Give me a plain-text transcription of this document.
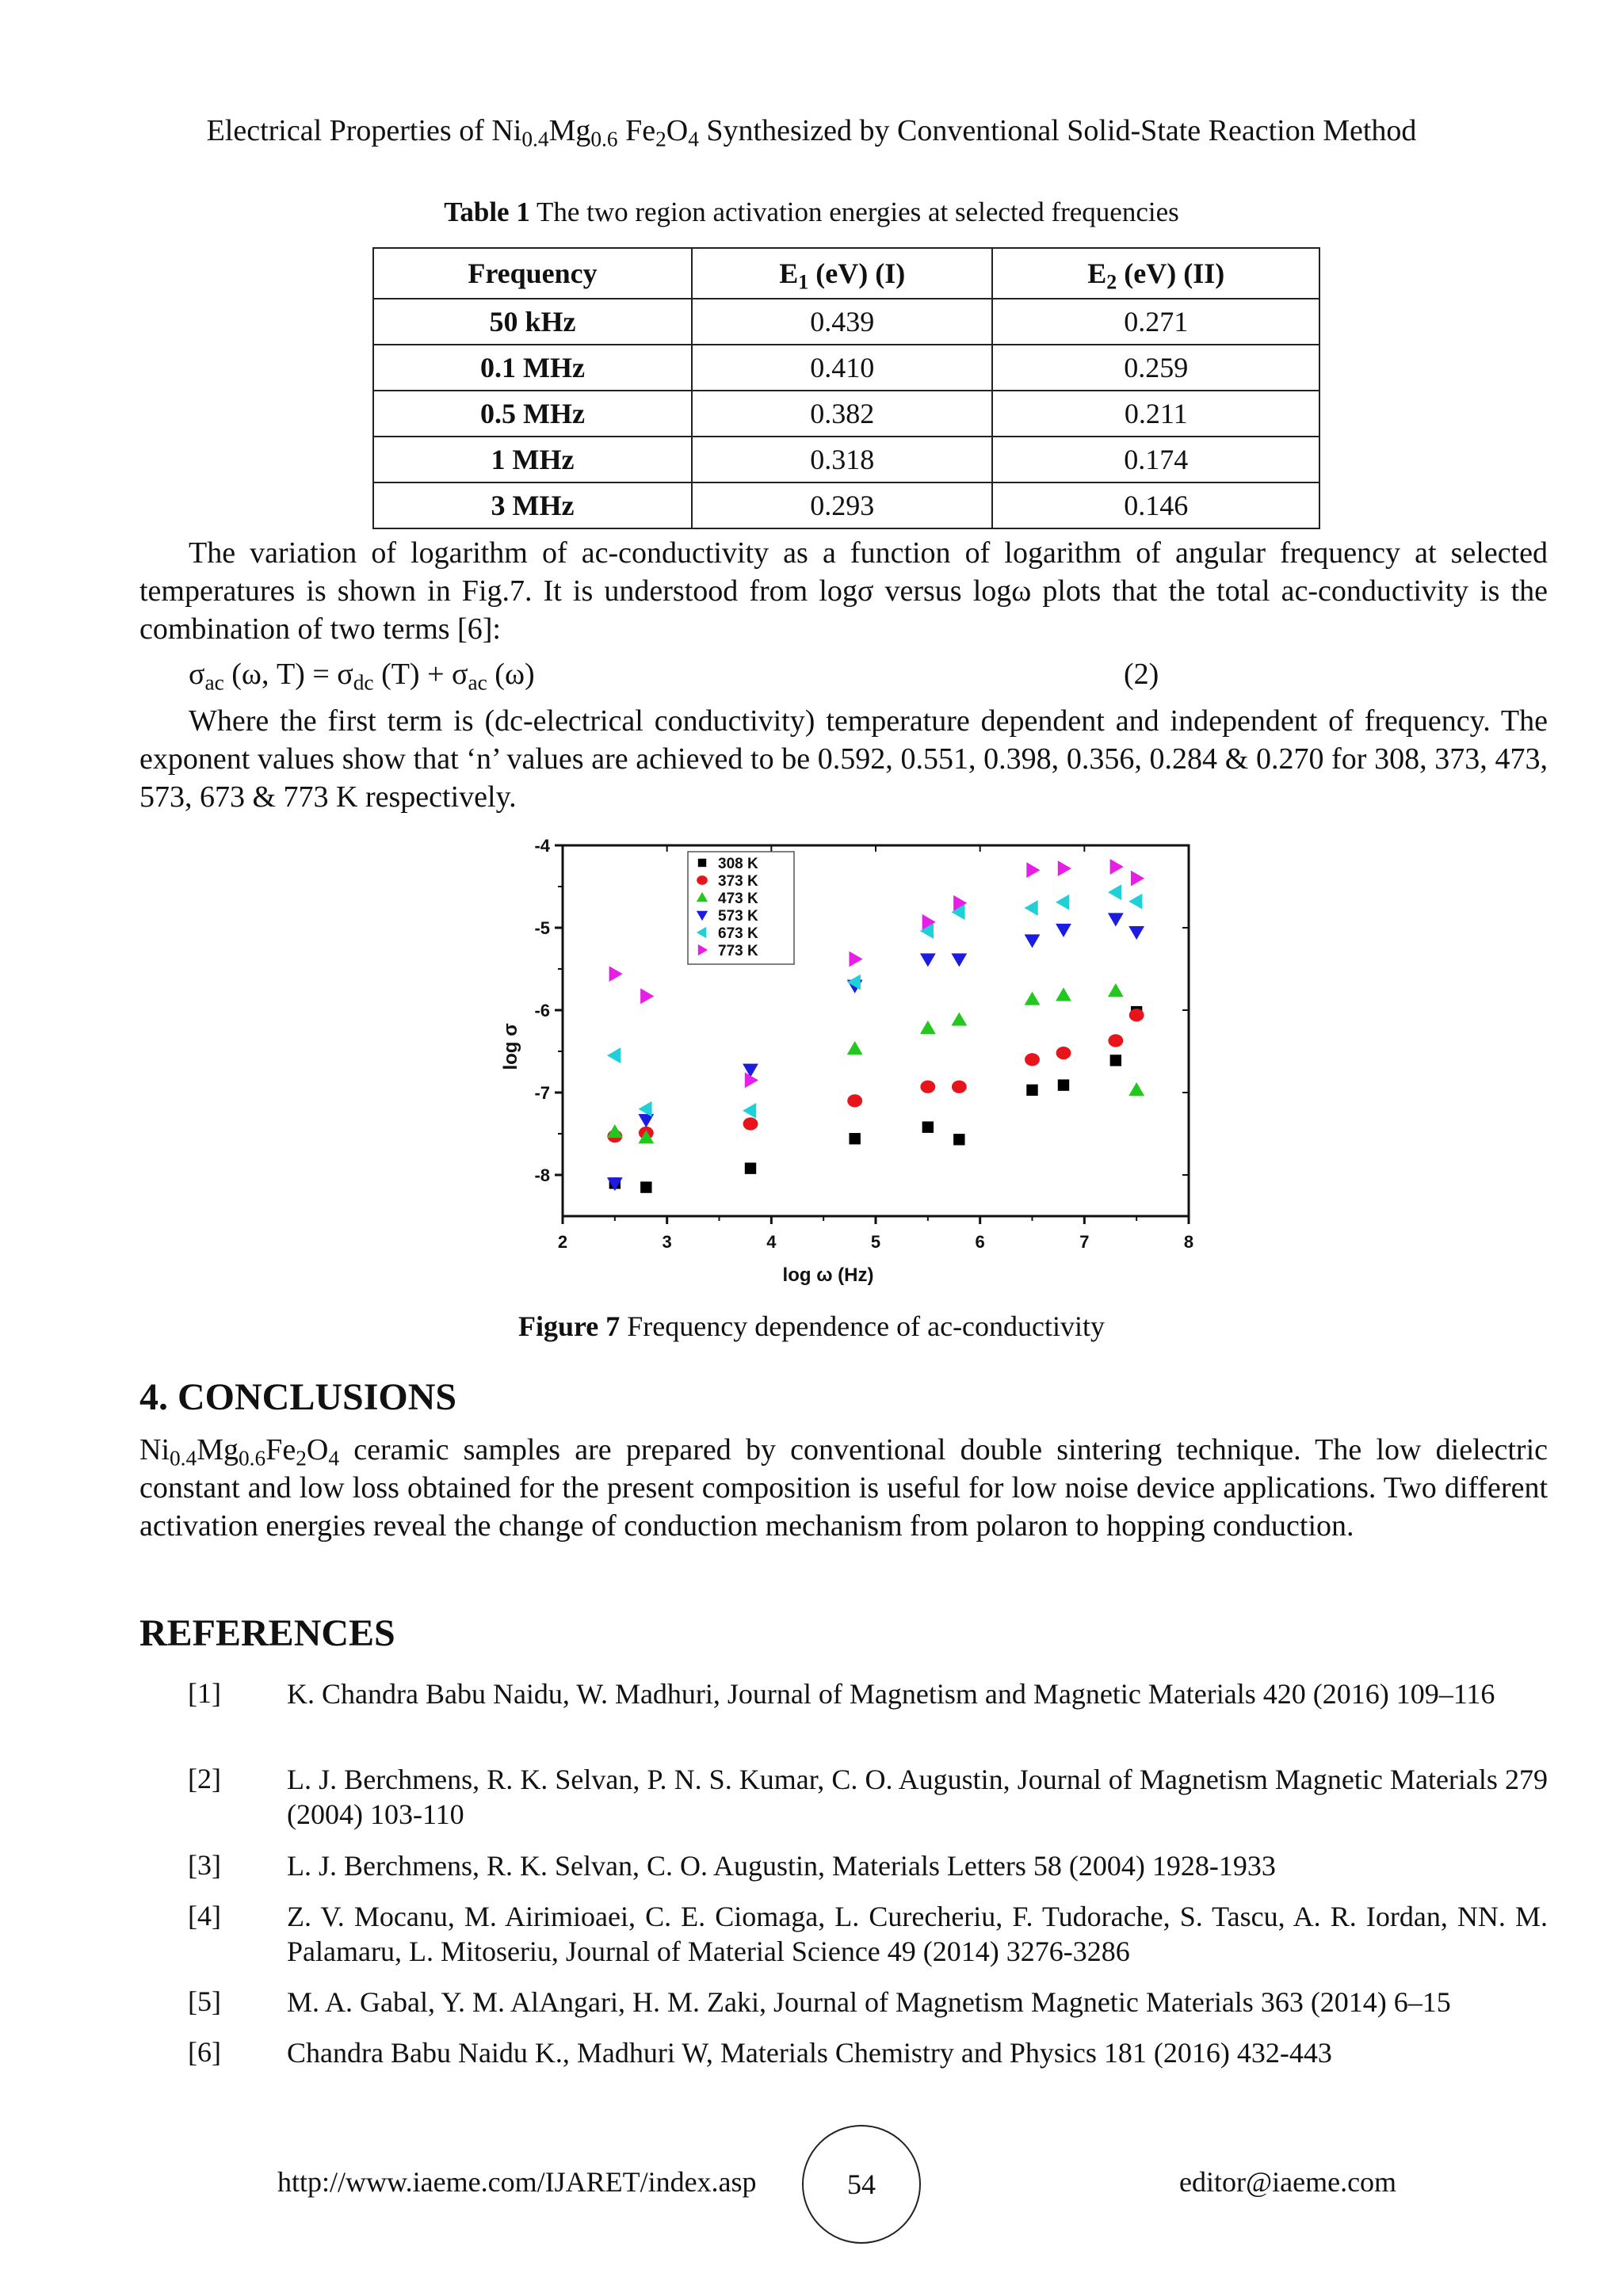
Electrical Properties of $Ni_{0.4}Mg_{0.6}$ $Fe_2O_4$ Synthesized by Conventional Solid-State Reaction Method
Table 1 The two region activation energies at selected frequencies
Frequency	$E_1$ (eV) (I)	$E_2$ (eV) (II)
50 kHz	0.439	0.271
0.1 MHz	0.410	0.259
0.5 MHz	0.382	0.211
1 MHz	0.318	0.174
3 MHz	0.293	0.146
The variation of logarithm of ac-conductivity as a function of logarithm of angular frequency at selected temperatures is shown in Fig.7. It is understood from logσ versus logω plots that the total ac-conductivity is the combination of two terms [6]:
$\sigma_{ac}$ (ω, $T) = \sigma_{dc}$ $(T) + \sigma_{ac}$ (ω)	(2)
Where the first term is (dc-electrical conductivity) temperature dependent and independent of frequency. The exponent values show that ‘n’ values are achieved to be 0.592, 0.551, 0.398, 0.356, 0.284 & 0.270 for 308, 373, 473, 573, 673 & 773 K respectively.
2	3	4	5	6	7	8
-4
-5
-6
-7
-8
log ω (Hz)
log σ
308 K
373 K
473 K
573 K
673 K
773 K
Figure 7 Frequency dependence of ac-conductivity
4. CONCLUSIONS
$Ni_{0.4}Mg_{0.6}Fe_2O_4$ ceramic samples are prepared by conventional double sintering technique. The low dielectric constant and low loss obtained for the present composition is useful for low noise device applications. Two different activation energies reveal the change of conduction mechanism from polaron to hopping conduction.
REFERENCES
[1] K. Chandra Babu Naidu, W. Madhuri, Journal of Magnetism and Magnetic Materials 420 (2016) 109–116
[2] L. J. Berchmens, R. K. Selvan, P. N. S. Kumar, C. O. Augustin, Journal of Magnetism Magnetic Materials 279 (2004) 103-110
[3] L. J. Berchmens, R. K. Selvan, C. O. Augustin, Materials Letters 58 (2004) 1928-1933
[4] Z. V. Mocanu, M. Airimioaei, C. E. Ciomaga, L. Curecheriu, F. Tudorache, S. Tascu, A. R. Iordan, NN. M. Palamaru, L. Mitoseriu, Journal of Material Science 49 (2014) 3276-3286
[5] M. A. Gabal, Y. M. AlAngari, H. M. Zaki, Journal of Magnetism Magnetic Materials 363 (2014) 6–15
[6] Chandra Babu Naidu K., Madhuri W, Materials Chemistry and Physics 181 (2016) 432-443
http://www.iaeme.com/IJARET/index.asp	54	editor@iaeme.com
